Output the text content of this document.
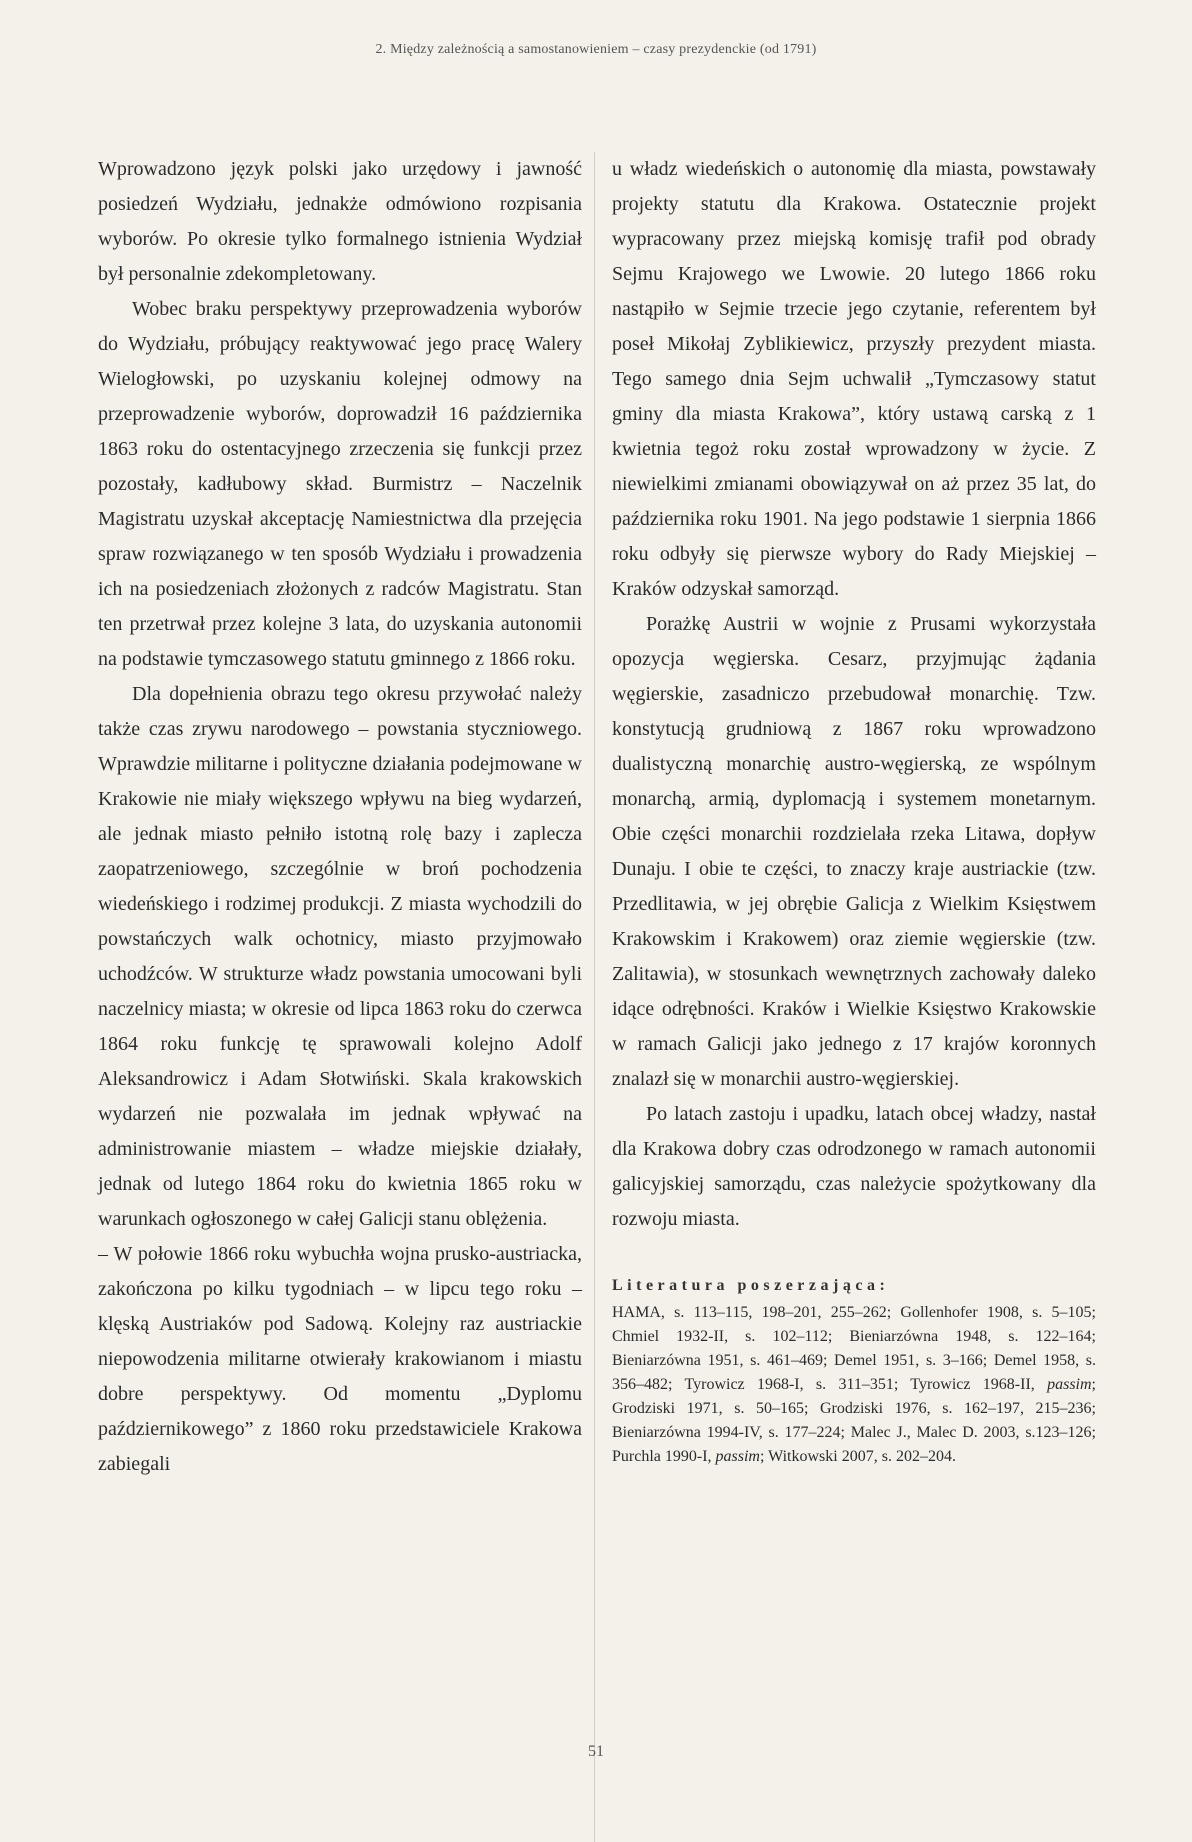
2. Między zależnością a samostanowieniem – czasy prezydenckie (od 1791)

Wprowadzono język polski jako urzędowy i jawność posiedzeń Wydziału, jednakże odmówiono rozpisania wyborów. Po okresie tylko formalnego istnienia Wydział był personalnie zdekompletowany.

Wobec braku perspektywy przeprowadzenia wyborów do Wydziału, próbujący reaktywować jego pracę Walery Wielogłowski, po uzyskaniu kolejnej odmowy na przeprowadzenie wyborów, doprowadził 16 października 1863 roku do ostentacyjnego zrzeczenia się funkcji przez pozostały, kadłubowy skład. Burmistrz – Naczelnik Magistratu uzyskał akceptację Namiestnictwa dla przejęcia spraw rozwiązanego w ten sposób Wydziału i prowadzenia ich na posiedzeniach złożonych z radców Magistratu. Stan ten przetrwał przez kolejne 3 lata, do uzyskania autonomii na podstawie tymczasowego statutu gminnego z 1866 roku.

Dla dopełnienia obrazu tego okresu przywołać należy także czas zrywu narodowego – powstania styczniowego. Wprawdzie militarne i polityczne działania podejmowane w Krakowie nie miały większego wpływu na bieg wydarzeń, ale jednak miasto pełniło istotną rolę bazy i zaplecza zaopatrzeniowego, szczególnie w broń pochodzenia wiedeńskiego i rodzimej produkcji. Z miasta wychodzili do powstańczych walk ochotnicy, miasto przyjmowało uchodźców. W strukturze władz powstania umocowani byli naczelnicy miasta; w okresie od lipca 1863 roku do czerwca 1864 roku funkcję tę sprawowali kolejno Adolf Aleksandrowicz i Adam Słotwiński. Skala krakowskich wydarzeń nie pozwalała im jednak wpływać na administrowanie miastem – władze miejskie działały, jednak od lutego 1864 roku do kwietnia 1865 roku w warunkach ogłoszonego w całej Galicji stanu oblężenia.

– W połowie 1866 roku wybuchła wojna prusko-austriacka, zakończona po kilku tygodniach – w lipcu tego roku – klęską Austriaków pod Sadową. Kolejny raz austriackie niepowodzenia militarne otwierały krakowianom i miastu dobre perspektywy. Od momentu „Dyplomu październikowego” z 1860 roku przedstawiciele Krakowa zabiegali

u władz wiedeńskich o autonomię dla miasta, powstawały projekty statutu dla Krakowa. Ostatecznie projekt wypracowany przez miejską komisję trafił pod obrady Sejmu Krajowego we Lwowie. 20 lutego 1866 roku nastąpiło w Sejmie trzecie jego czytanie, referentem był poseł Mikołaj Zyblikiewicz, przyszły prezydent miasta. Tego samego dnia Sejm uchwalił „Tymczasowy statut gminy dla miasta Krakowa”, który ustawą carską z 1 kwietnia tegoż roku został wprowadzony w życie. Z niewielkimi zmianami obowiązywał on aż przez 35 lat, do października roku 1901. Na jego podstawie 1 sierpnia 1866 roku odbyły się pierwsze wybory do Rady Miejskiej – Kraków odzyskał samorząd.

Porażkę Austrii w wojnie z Prusami wykorzystała opozycja węgierska. Cesarz, przyjmując żądania węgierskie, zasadniczo przebudował monarchię. Tzw. konstytucją grudniową z 1867 roku wprowadzono dualistyczną monarchię austro-węgierską, ze wspólnym monarchą, armią, dyplomacją i systemem monetarnym. Obie części monarchii rozdzielała rzeka Litawa, dopływ Dunaju. I obie te części, to znaczy kraje austriackie (tzw. Przedlitawia, w jej obrębie Galicja z Wielkim Księstwem Krakowskim i Krakowem) oraz ziemie węgierskie (tzw. Zalitawia), w stosunkach wewnętrznych zachowały daleko idące odrębności. Kraków i Wielkie Księstwo Krakowskie w ramach Galicji jako jednego z 17 krajów koronnych znalazł się w monarchii austro-węgierskiej.

Po latach zastoju i upadku, latach obcej władzy, nastał dla Krakowa dobry czas odrodzonego w ramach autonomii galicyjskiej samorządu, czas należycie spożytkowany dla rozwoju miasta.

Literatura poszerzająca:
HAMA, s. 113–115, 198–201, 255–262; Gollenhofer 1908, s. 5–105; Chmiel 1932-II, s. 102–112; Bieniarzówna 1948, s. 122–164; Bieniarzówna 1951, s. 461–469; Demel 1951, s. 3–166; Demel 1958, s. 356–482; Tyrowicz 1968-I, s. 311–351; Tyrowicz 1968-II, passim; Grodziski 1971, s. 50–165; Grodziski 1976, s. 162–197, 215–236; Bieniarzówna 1994-IV, s. 177–224; Malec J., Malec D. 2003, s.123–126; Purchla 1990-I, passim; Witkowski 2007, s. 202–204.
51
